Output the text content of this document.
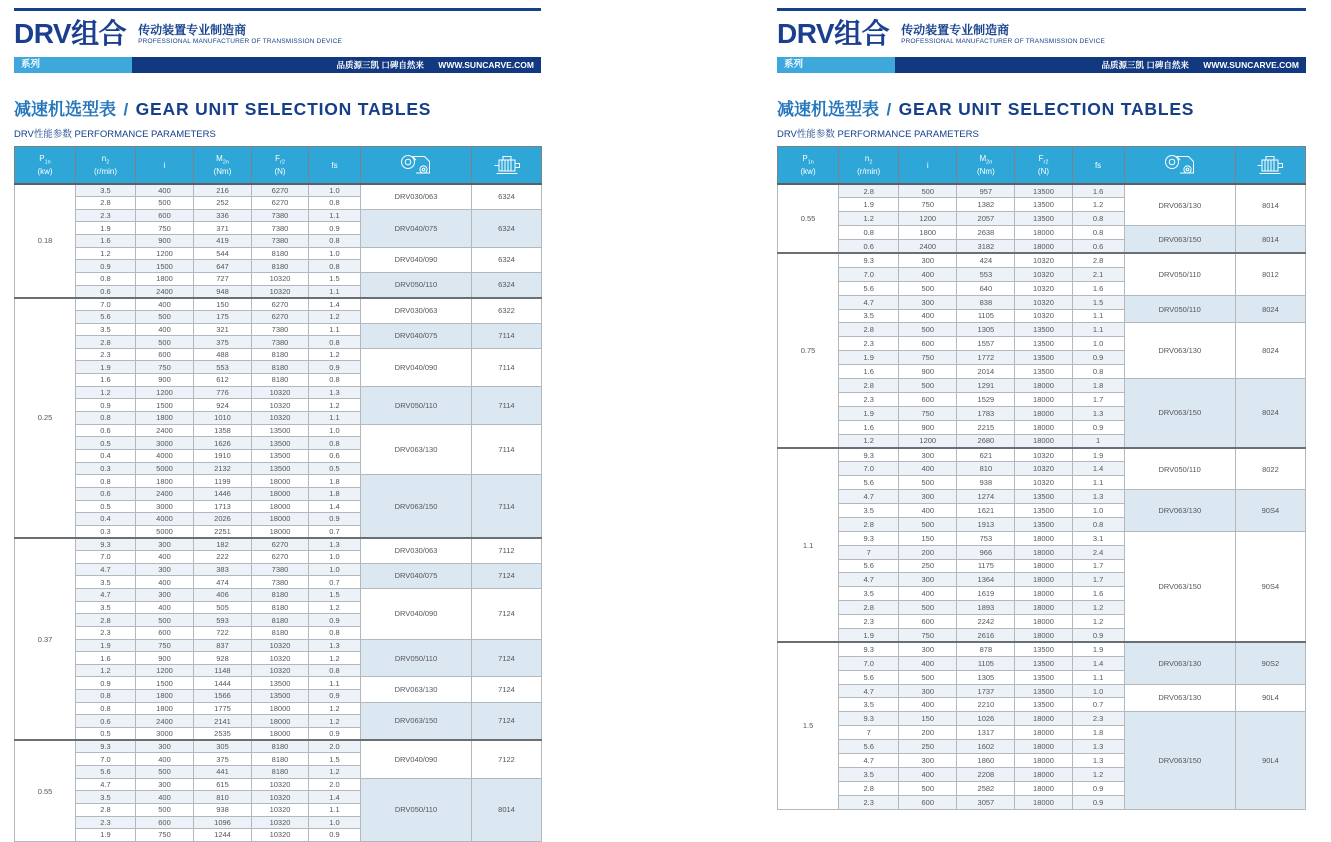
DRV组合 传动装置专业制造商
PROFESSIONAL MANUFACTURER OF TRANSMISSION DEVICE
系列	品质源三凯 口碑自然来 WWW.SUNCARVE.COM
减速机选型表 / GEAR UNIT SELECTION TABLES
DRV性能参数 PERFORMANCE PARAMETERS
$P_{1n}$
(kw)	$n_2$
(r/min)	i	$M_{2n}$
(Nm)	$F_{r2}$
(N)	fs		
0.18	3.5	400	216	6270	1.0	DRV030/063	6324
	2.8	500	252	6270	0.8		
	2.3	600	336	7380	1.1	DRV040/075	6324
	1.9	750	371	7380	0.9		
	1.6	900	419	7380	0.8		
	1.2	1200	544	8180	1.0	DRV040/090	6324
	0.9	1500	647	8180	0.8		
	0.8	1800	727	10320	1.5	DRV050/110	6324
	0.6	2400	948	10320	1.1		
0.25	7.0	400	150	6270	1.4	DRV030/063	6322
	5.6	500	175	6270	1.2		
	3.5	400	321	7380	1.1	DRV040/075	7114
	2.8	500	375	7380	0.8		
	2.3	600	488	8180	1.2	DRV040/090	7114
	1.9	750	553	8180	0.9		
	1.6	900	612	8180	0.8		
	1.2	1200	776	10320	1.3	DRV050/110	7114
	0.9	1500	924	10320	1.2		
	0.8	1800	1010	10320	1.1		
	0.6	2400	1358	13500	1.0	DRV063/130	7114
	0.5	3000	1626	13500	0.8		
	0.4	4000	1910	13500	0.6		
	0.3	5000	2132	13500	0.5		
	0.8	1800	1199	18000	1.8	DRV063/150	7114
	0.6	2400	1446	18000	1.8		
	0.5	3000	1713	18000	1.4		
	0.4	4000	2026	18000	0.9		
	0.3	5000	2251	18000	0.7		
0.37	9.3	300	182	6270	1.3	DRV030/063	7112
	7.0	400	222	6270	1.0		
	4.7	300	383	7380	1.0	DRV040/075	7124
	3.5	400	474	7380	0.7		
	4.7	300	406	8180	1.5	DRV040/090	7124
	3.5	400	505	8180	1.2		
	2.8	500	593	8180	0.9		
	2.3	600	722	8180	0.8		
	1.9	750	837	10320	1.3	DRV050/110	7124
	1.6	900	928	10320	1.2		
	1.2	1200	1148	10320	0.8		
	0.9	1500	1444	13500	1.1	DRV063/130	7124
	0.8	1800	1566	13500	0.9		
	0.8	1800	1775	18000	1.2	DRV063/150	7124
	0.6	2400	2141	18000	1.2		
	0.5	3000	2535	18000	0.9		
0.55	9.3	300	305	8180	2.0	DRV040/090	7122
	7.0	400	375	8180	1.5		
	5.6	500	441	8180	1.2		
	4.7	300	615	10320	2.0	DRV050/110	8014
	3.5	400	810	10320	1.4		
	2.8	500	938	10320	1.1		
	2.3	600	1096	10320	1.0		
	1.9	750	1244	10320	0.9		
DRV组合 传动装置专业制造商
PROFESSIONAL MANUFACTURER OF TRANSMISSION DEVICE
系列	品质源三凯 口碑自然来 WWW.SUNCARVE.COM
减速机选型表 / GEAR UNIT SELECTION TABLES
DRV性能参数 PERFORMANCE PARAMETERS
$P_{1n}$
(kw)	$n_2$
(r/min)	i	$M_{2n}$
(Nm)	$F_{r2}$
(N)	fs		
0.55	2.8	500	957	13500	1.6	DRV063/130	8014
	1.9	750	1382	13500	1.2		
	1.2	1200	2057	13500	0.8		
	0.8	1800	2638	18000	0.8	DRV063/150	8014
	0.6	2400	3182	18000	0.6		
0.75	9.3	300	424	10320	2.8	DRV050/110	8012
	7.0	400	553	10320	2.1		
	5.6	500	640	10320	1.6		
	4.7	300	838	10320	1.5	DRV050/110	8024
	3.5	400	1105	10320	1.1		
	2.8	500	1305	13500	1.1	DRV063/130	8024
	2.3	600	1557	13500	1.0		
	1.9	750	1772	13500	0.9		
	1.6	900	2014	13500	0.8		
	2.8	500	1291	18000	1.8	DRV063/150	8024
	2.3	600	1529	18000	1.7		
	1.9	750	1783	18000	1.3		
	1.6	900	2215	18000	0.9		
	1.2	1200	2680	18000	1		
1.1	9.3	300	621	10320	1.9	DRV050/110	8022
	7.0	400	810	10320	1.4		
	5.6	500	938	10320	1.1		
	4.7	300	1274	13500	1.3	DRV063/130	90S4
	3.5	400	1621	13500	1.0		
	2.8	500	1913	13500	0.8		
	9.3	150	753	18000	3.1	DRV063/150	90S4
	7	200	966	18000	2.4		
	5.6	250	1175	18000	1.7		
	4.7	300	1364	18000	1.7		
	3.5	400	1619	18000	1.6		
	2.8	500	1893	18000	1.2		
	2.3	600	2242	18000	1.2		
	1.9	750	2616	18000	0.9		
1.5	9.3	300	878	13500	1.9	DRV063/130	90S2
	7.0	400	1105	13500	1.4		
	5.6	500	1305	13500	1.1		
	4.7	300	1737	13500	1.0	DRV063/130	90L4
	3.5	400	2210	13500	0.7		
	9.3	150	1026	18000	2.3	DRV063/150	90L4
	7	200	1317	18000	1.8		
	5.6	250	1602	18000	1.3		
	4.7	300	1860	18000	1.3		
	3.5	400	2208	18000	1.2		
	2.8	500	2582	18000	0.9		
	2.3	600	3057	18000	0.9		
